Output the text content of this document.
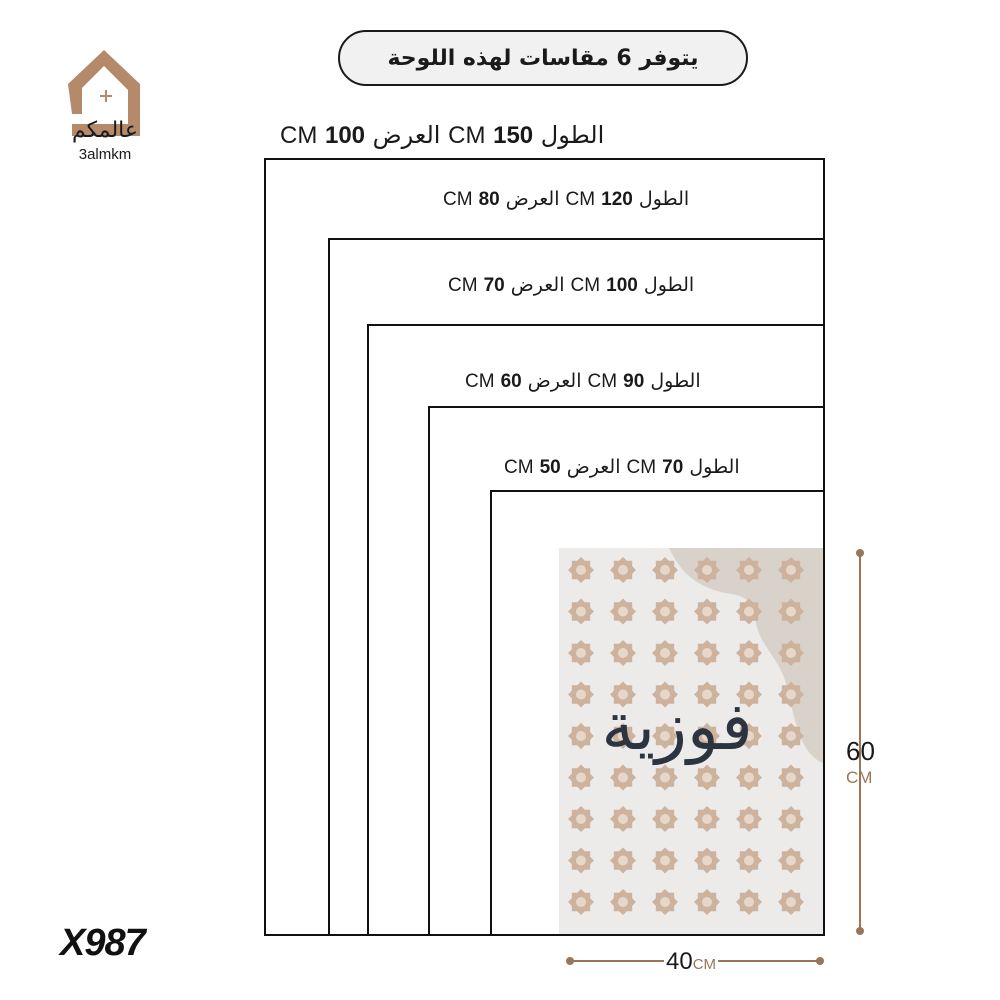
عالمكم
3almkm
يتوفر 6 مقاسات لهذه اللوحة
الطول 150 CM العرض 100 CM
الطول 120 CM العرض 80 CM
الطول 100 CM العرض 70 CM
الطول 90 CM العرض 60 CM
الطول 70 CM العرض 50 CM
فوزية	60
CM
40CM
X987
